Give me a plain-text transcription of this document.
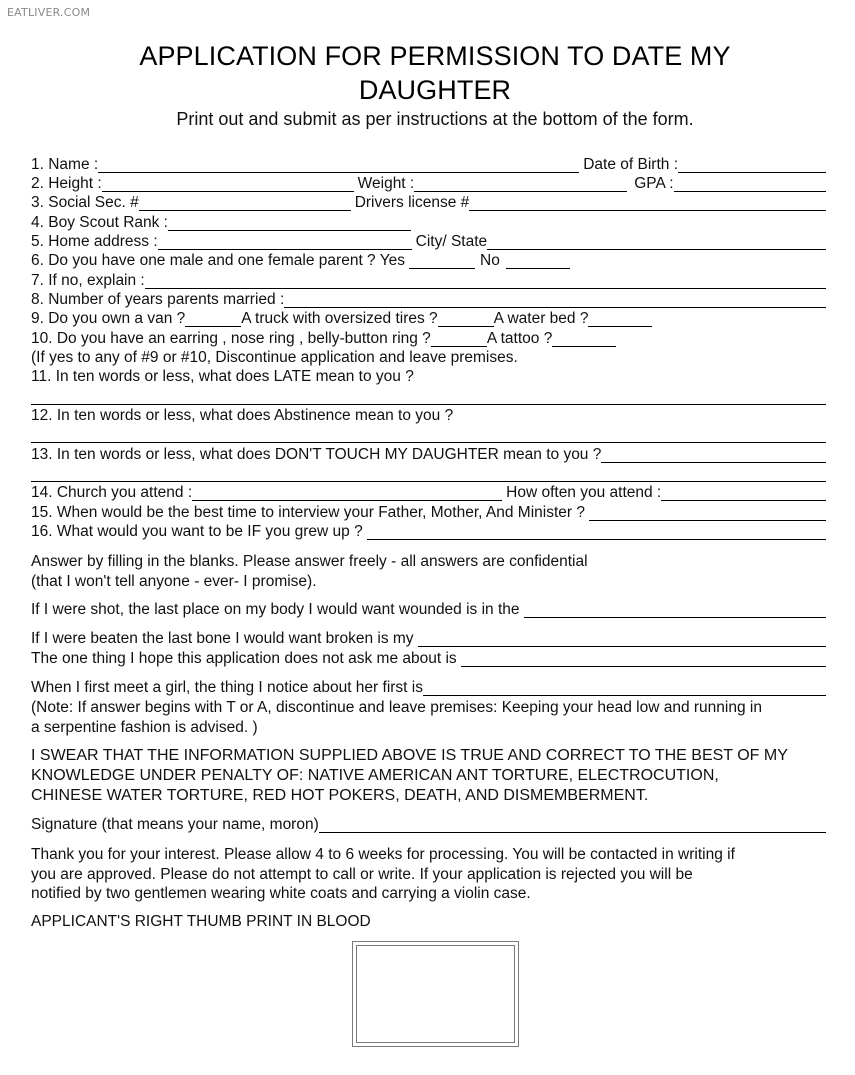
EATLIVER.COM
APPLICATION FOR PERMISSION TO DATE MY
DAUGHTER
Print out and submit as per instructions at the bottom of the form.
1. Name :	Date of Birth :
2. Height :	Weight :	GPA :
3. Social Sec. #	Drivers license #
4. Boy Scout Rank :
5. Home address :	City/ State
6. Do you have one male and one female parent ? Yes	No
7. If no, explain :
8. Number of years parents married :
9. Do you own a van ?	A truck with oversized tires ?	A water bed ?
10. Do you have an earring , nose ring , belly-button ring ?	A tattoo ?
(If yes to any of #9 or #10, Discontinue application and leave premises.
11. In ten words or less, what does LATE mean to you ?
12. In ten words or less, what does Abstinence mean to you ?
13. In ten words or less, what does DON'T TOUCH MY DAUGHTER mean to you ?
14. Church you attend :	How often you attend :
15. When would be the best time to interview your Father, Mother, And Minister ?
16. What would you want to be IF you grew up ?
Answer by filling in the blanks. Please answer freely - all answers are confidential
(that I won't tell anyone - ever- I promise).
If I were shot, the last place on my body I would want wounded is in the
If I were beaten the last bone I would want broken is my
The one thing I hope this application does not ask me about is
When I first meet a girl, the thing I notice about her first is
(Note: If answer begins with T or A, discontinue and leave premises: Keeping your head low and running in
a serpentine fashion is advised. )
I SWEAR THAT THE INFORMATION SUPPLIED ABOVE IS TRUE AND CORRECT TO THE BEST OF MY
KNOWLEDGE UNDER PENALTY OF: NATIVE AMERICAN ANT TORTURE, ELECTROCUTION,
CHINESE WATER TORTURE, RED HOT POKERS, DEATH, AND DISMEMBERMENT.
Signature (that means your name, moron)
Thank you for your interest. Please allow 4 to 6 weeks for processing. You will be contacted in writing if
you are approved. Please do not attempt to call or write. If your application is rejected you will be
notified by two gentlemen wearing white coats and carrying a violin case.
APPLICANT'S RIGHT THUMB PRINT IN BLOOD
